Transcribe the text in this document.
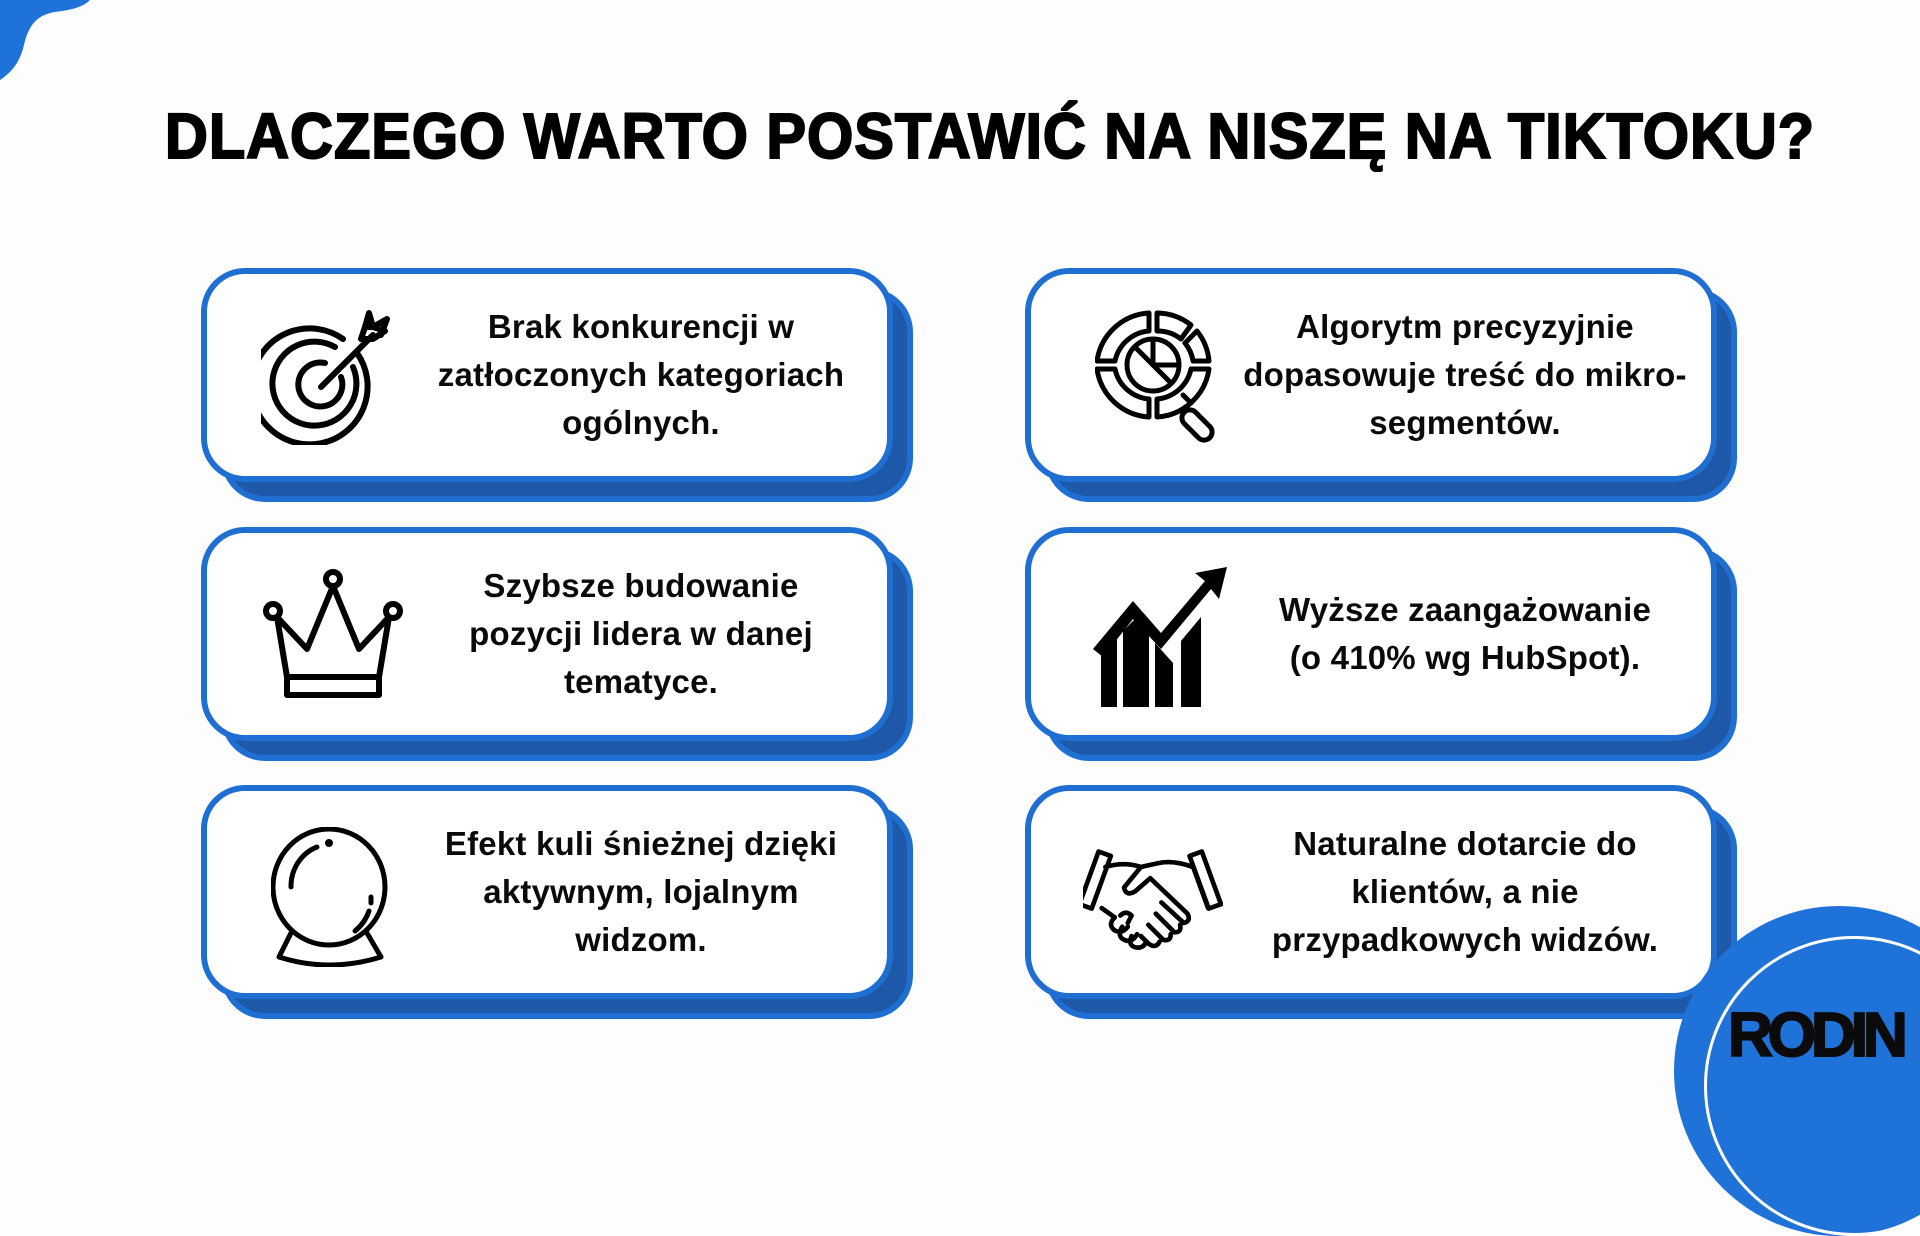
DLACZEGO WARTO POSTAWIĆ NA NISZĘ NA TIKTOKU?
Brak konkurencji w
zatłoczonych kategoriach
ogólnych.
Algorytm precyzyjnie
dopasowuje treść do mikro-
segmentów.
Szybsze budowanie
pozycji lidera w danej
tematyce.
Wyższe zaangażowanie
(o 410% wg HubSpot).
Efekt kuli śnieżnej dzięki
aktywnym, lojalnym
widzom.
Naturalne dotarcie do
klientów, a nie
przypadkowych widzów.
RODIN
